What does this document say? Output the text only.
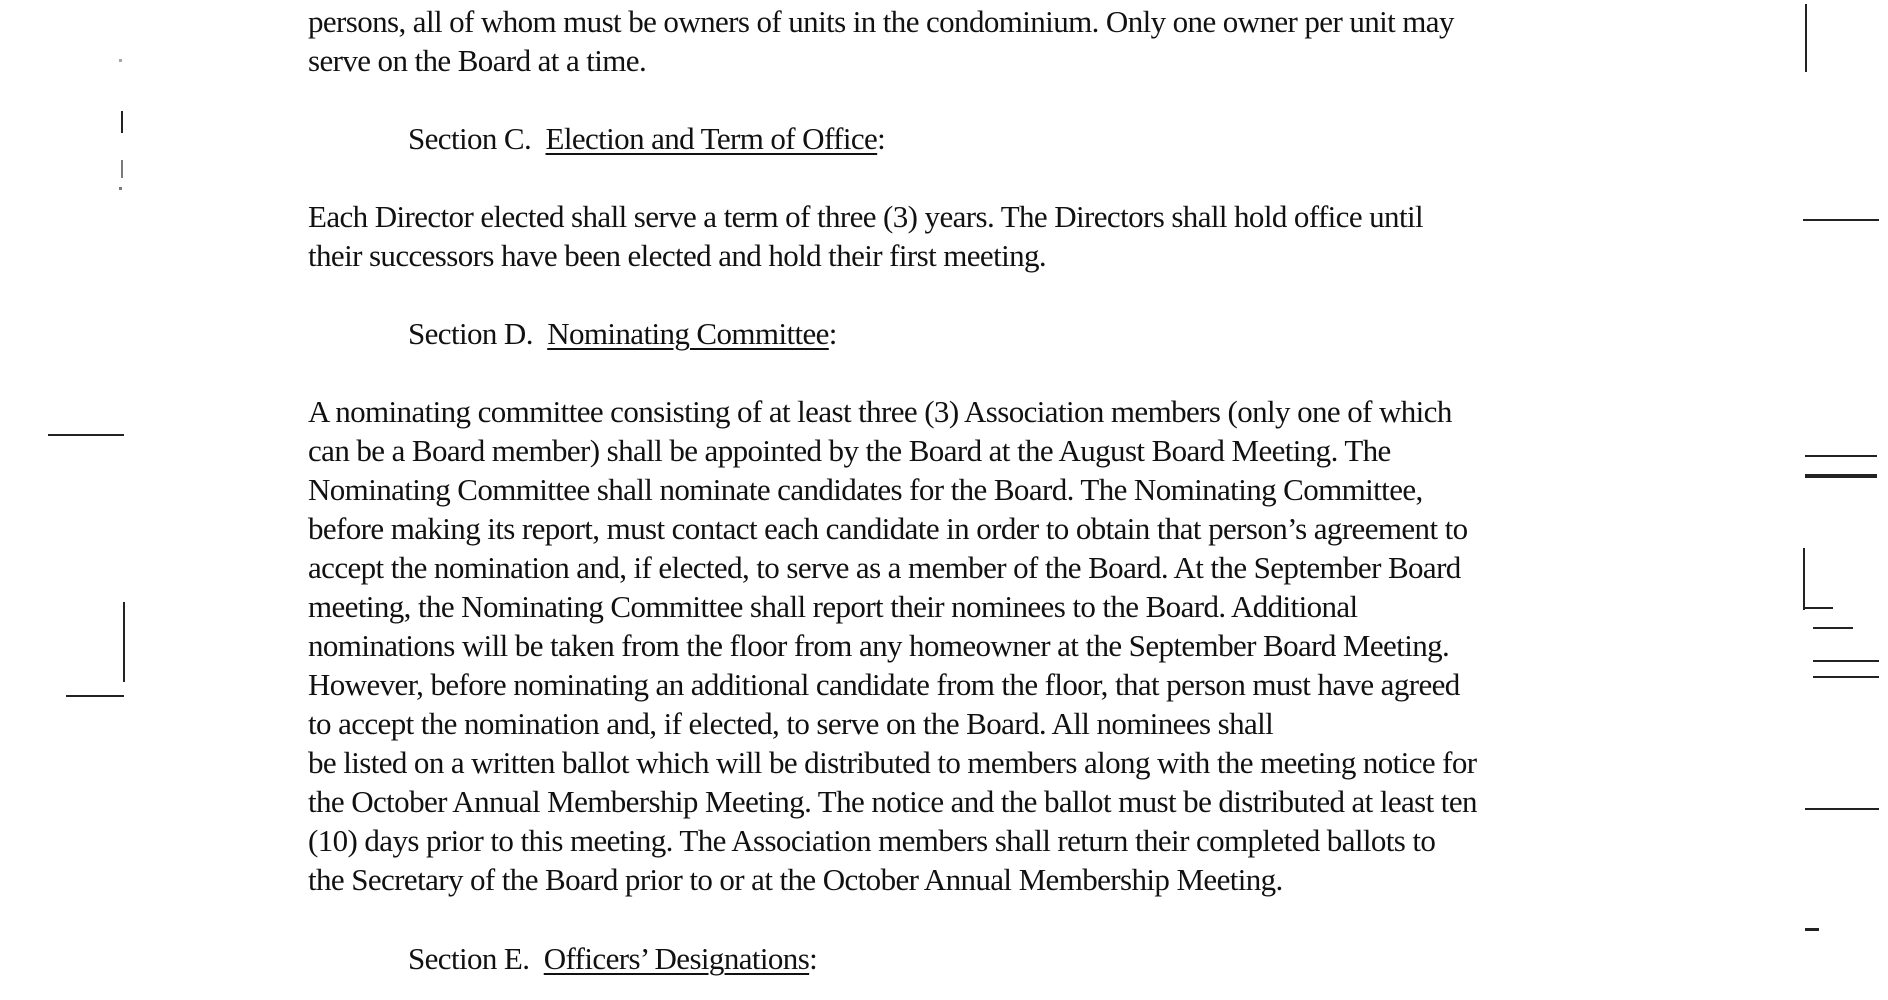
persons, all of whom must be owners of units in the condominium. Only one owner per unit may
serve on the Board at a time.
Section C. Election and Term of Office:
Each Director elected shall serve a term of three (3) years. The Directors shall hold office until
their successors have been elected and hold their first meeting.
Section D. Nominating Committee:
A nominating committee consisting of at least three (3) Association members (only one of which
can be a Board member) shall be appointed by the Board at the August Board Meeting. The
Nominating Committee shall nominate candidates for the Board. The Nominating Committee,
before making its report, must contact each candidate in order to obtain that person’s agreement to
accept the nomination and, if elected, to serve as a member of the Board. At the September Board
meeting, the Nominating Committee shall report their nominees to the Board. Additional
nominations will be taken from the floor from any homeowner at the September Board Meeting.
However, before nominating an additional candidate from the floor, that person must have agreed
to accept the nomination and, if elected, to serve on the Board. All nominees shall
be listed on a written ballot which will be distributed to members along with the meeting notice for
the October Annual Membership Meeting. The notice and the ballot must be distributed at least ten
(10) days prior to this meeting. The Association members shall return their completed ballots to
the Secretary of the Board prior to or at the October Annual Membership Meeting.
Section E. Officers’ Designations:
